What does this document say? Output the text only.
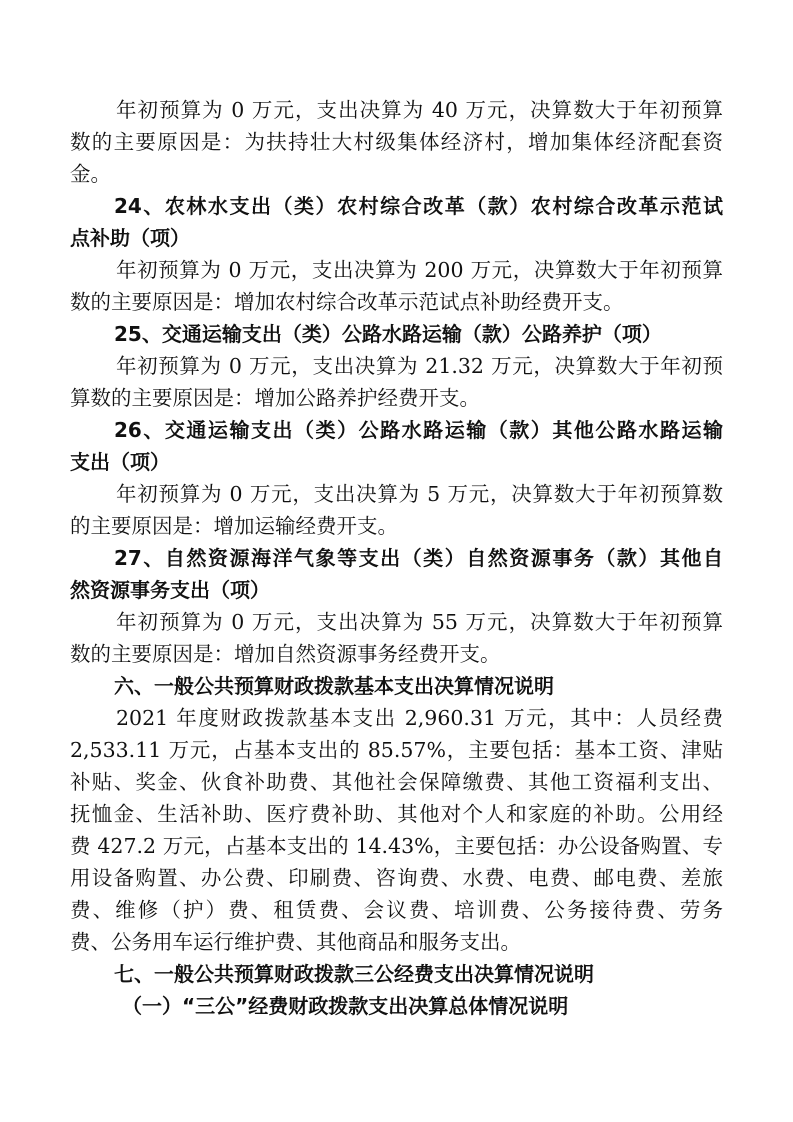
年初预算为 0 万元，支出决算为 40 万元，决算数大于年初预算
数的主要原因是：为扶持壮大村级集体经济村，增加集体经济配套资
金。
24、农林水支出（类）农村综合改革（款）农村综合改革示范试
点补助（项）
年初预算为 0 万元，支出决算为 200 万元，决算数大于年初预算
数的主要原因是：增加农村综合改革示范试点补助经费开支。
25、交通运输支出（类）公路水路运输（款）公路养护（项）
年初预算为 0 万元，支出决算为 21.32 万元，决算数大于年初预
算数的主要原因是：增加公路养护经费开支。
26、交通运输支出（类）公路水路运输（款）其他公路水路运输
支出（项）
年初预算为 0 万元，支出决算为 5 万元，决算数大于年初预算数
的主要原因是：增加运输经费开支。
27、自然资源海洋气象等支出（类）自然资源事务（款）其他自
然资源事务支出（项）
年初预算为 0 万元，支出决算为 55 万元，决算数大于年初预算
数的主要原因是：增加自然资源事务经费开支。
六、一般公共预算财政拨款基本支出决算情况说明
2021 年度财政拨款基本支出 2,960.31 万元，其中：人员经费
2,533.11 万元，占基本支出的 85.57%，主要包括：基本工资、津贴
补贴、奖金、伙食补助费、其他社会保障缴费、其他工资福利支出、
抚恤金、生活补助、医疗费补助、其他对个人和家庭的补助。公用经
费 427.2 万元，占基本支出的 14.43%，主要包括：办公设备购置、专
用设备购置、办公费、印刷费、咨询费、水费、电费、邮电费、差旅
费、维修（护）费、租赁费、会议费、培训费、公务接待费、劳务
费、公务用车运行维护费、其他商品和服务支出。
七、一般公共预算财政拨款三公经费支出决算情况说明
（一）“三公”经费财政拨款支出决算总体情况说明
